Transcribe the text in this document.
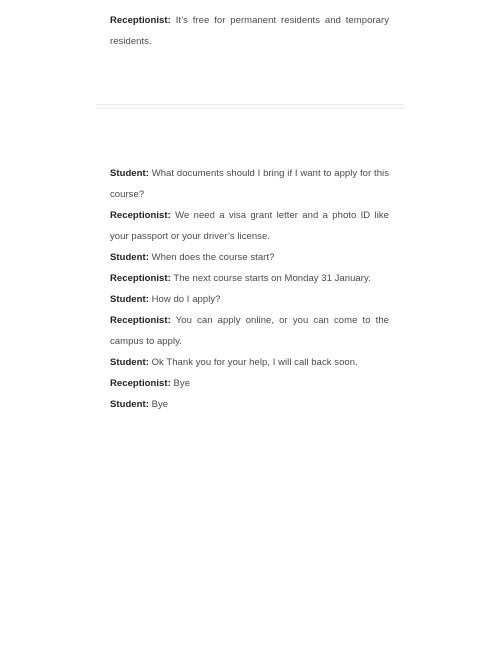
Receptionist: It’s free for permanent residents and temporary residents.

Student: What documents should I bring if I want to apply for this course?

Receptionist: We need a visa grant letter and a photo ID like your passport or your driver’s license.

Student: When does the course start?

Receptionist: The next course starts on Monday 31 January.

Student: How do I apply?

Receptionist: You can apply online, or you can come to the campus to apply.

Student: Ok Thank you for your help, I will call back soon.

Receptionist: Bye

Student: Bye
